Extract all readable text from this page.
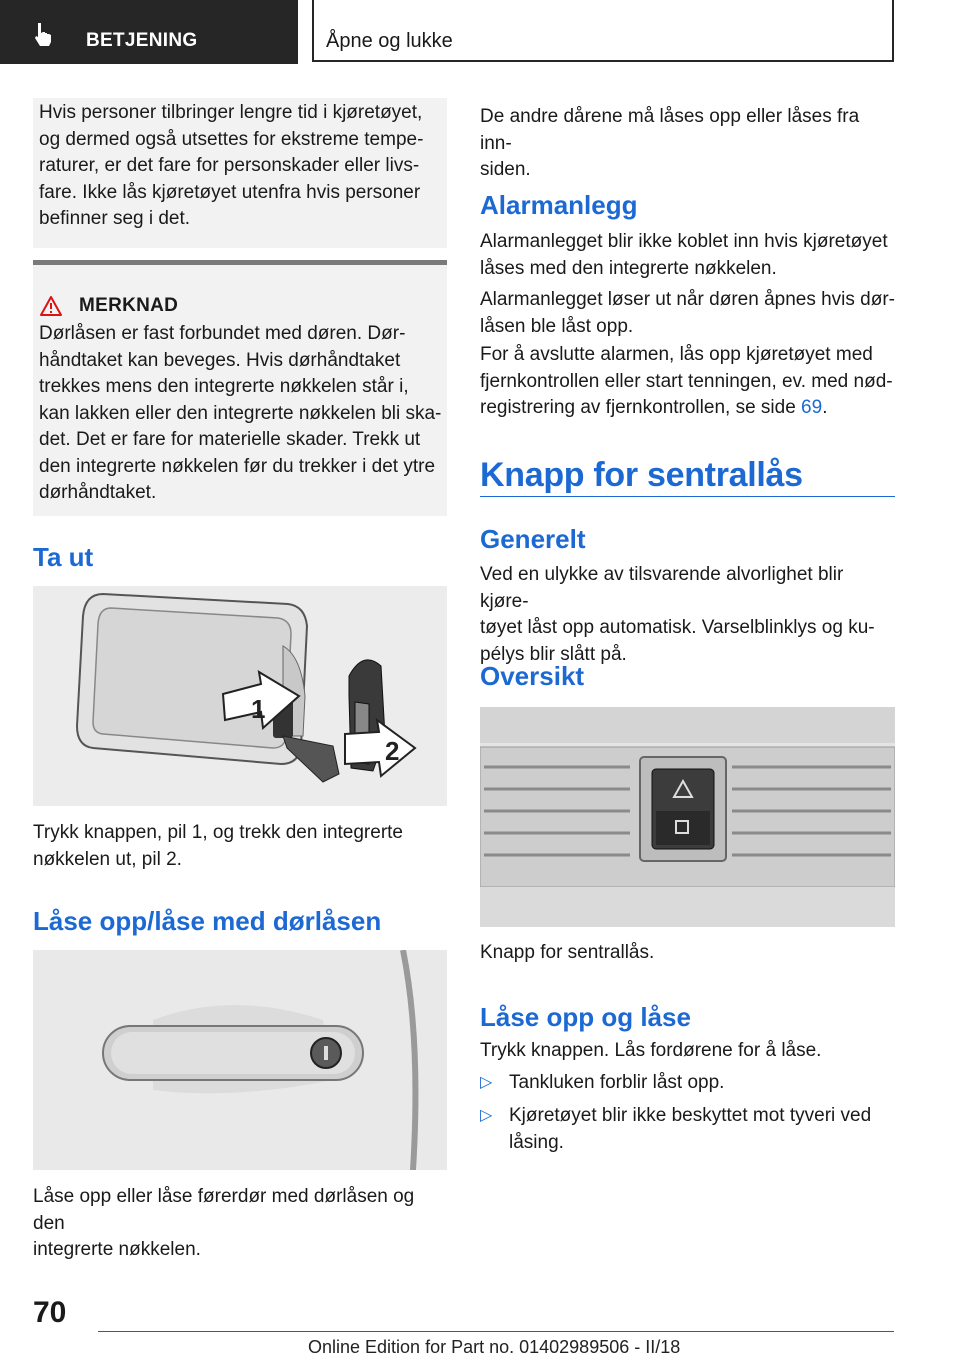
BETJENING	Åpne og lukke

Hvis personer tilbringer lengre tid i kjøretøyet,

og dermed også utsettes for ekstreme tempe-

raturer, er det fare for personskader eller livs-

fare. Ikke lås kjøretøyet utenfra hvis personer

befinner seg i det.

MERKNAD

Dørlåsen er fast forbundet med døren. Dør-

håndtaket kan beveges. Hvis dørhåndtaket

trekkes mens den integrerte nøkkelen står i,

kan lakken eller den integrerte nøkkelen bli ska-

det. Det er fare for materielle skader. Trekk ut

den integrerte nøkkelen før du trekker i det ytre

dørhåndtaket.

Ta ut
1
2

Trykk knappen, pil 1, og trekk den integrerte
nøkkelen ut, pil 2.

Låse opp/låse med dørlåsen

Låse opp eller låse førerdør med dørlåsen og den
integrerte nøkkelen.

De andre dårene må låses opp eller låses fra inn-
siden.

Alarmanlegg

Alarmanlegget blir ikke koblet inn hvis kjøretøyet
låses med den integrerte nøkkelen.

Alarmanlegget løser ut når døren åpnes hvis dør-
låsen ble låst opp.

For å avslutte alarmen, lås opp kjøretøyet med
fjernkontrollen eller start tenningen, ev. med nød-
registrering av fjernkontrollen, se side 69.

Knapp for sentrallås
Generelt

Ved en ulykke av tilsvarende alvorlighet blir kjøre-
tøyet låst opp automatisk. Varselblinklys og ku-
pélys blir slått på.

Oversikt

Knapp for sentrallås.

Låse opp og låse

Trykk knappen. Lås fordørene for å låse.

▷ Tankluken forblir låst opp.
▷ Kjøretøyet blir ikke beskyttet mot tyveri ved
låsing.
70
Online Edition for Part no. 01402989506 - II/18
